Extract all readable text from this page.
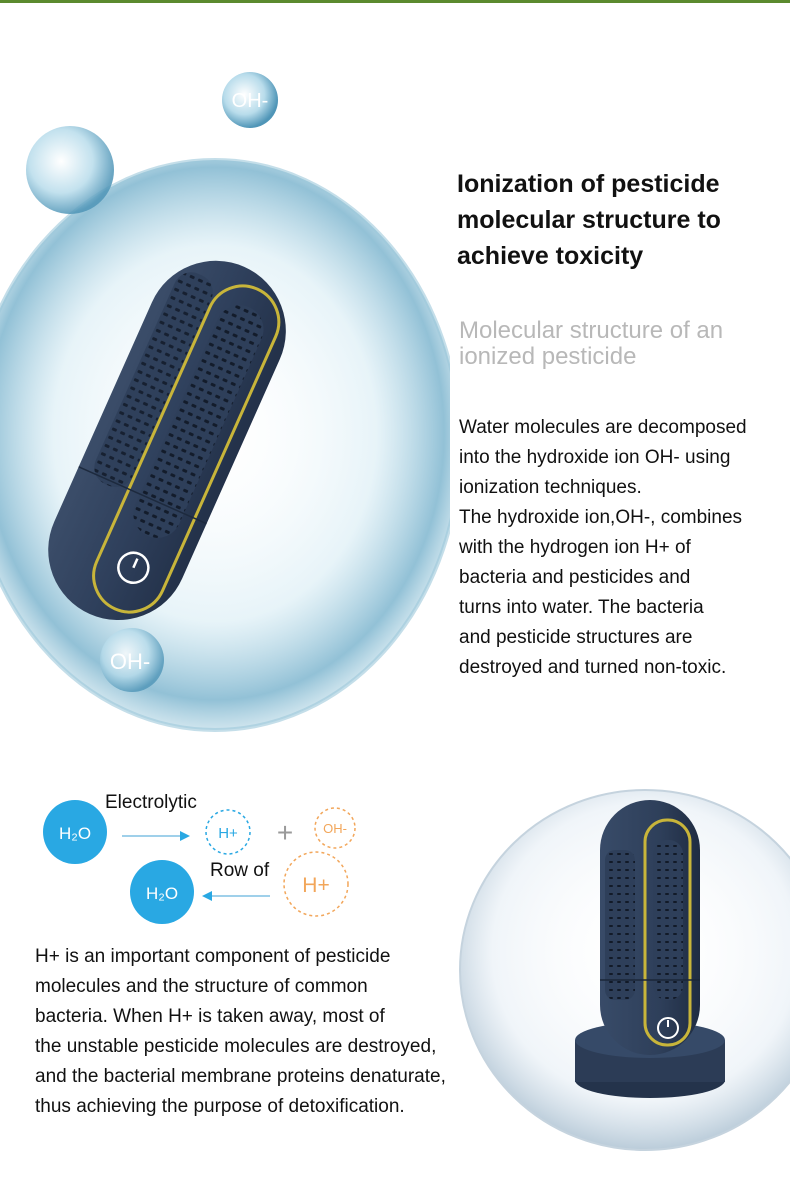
OH-
OH-
Ionization of pesticide
molecular structure to
achieve toxicity
Molecular structure of an
ionized pesticide

Water molecules are decomposed

into the hydroxide ion OH- using

ionization techniques.

The hydroxide ion,OH-, combines

with the hydrogen ion H+ of

bacteria and pesticides and

turns into water. The bacteria

and pesticide structures are

destroyed and turned non-toxic.

H₂O	H+ + OH-
H₂O	H+
Electrolytic
Row of

H+ is an important component of pesticide

molecules and the structure of common

bacteria. When H+ is taken away, most of

the unstable pesticide molecules are destroyed,

and the bacterial membrane proteins denaturate,

thus achieving the purpose of detoxification.
